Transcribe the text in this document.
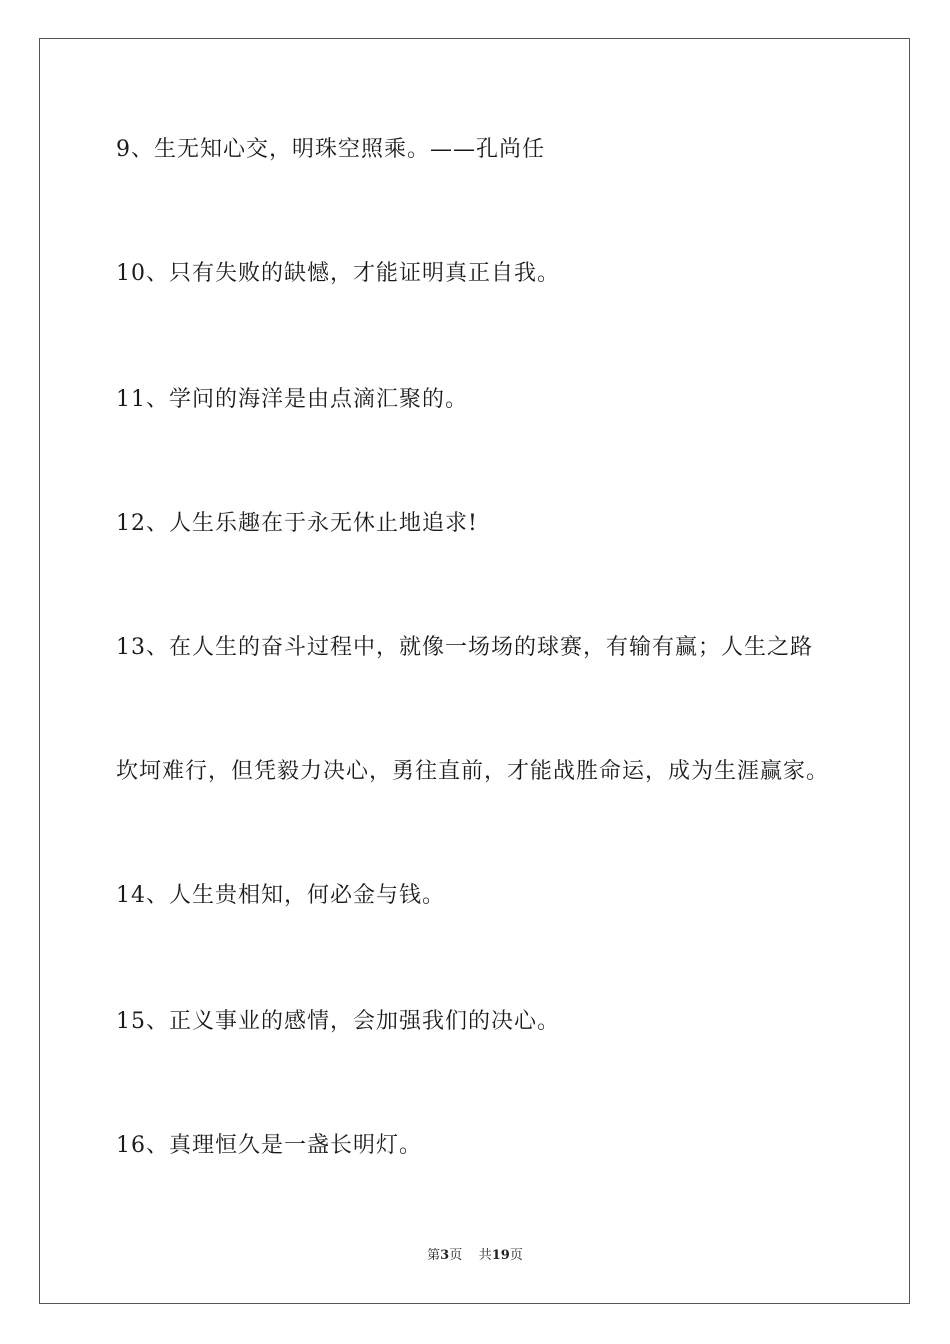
9、生无知心交，明珠空照乘。——孔尚任
10、只有失败的缺憾，才能证明真正自我。
11、学问的海洋是由点滴汇聚的。
12、人生乐趣在于永无休止地追求!
13、在人生的奋斗过程中，就像一场场的球赛，有输有赢；人生之路
坎坷难行，但凭毅力决心，勇往直前，才能战胜命运，成为生涯赢家。
14、人生贵相知，何必金与钱。
15、正义事业的感情，会加强我们的决心。
16、真理恒久是一盏长明灯。
第3页    共19页
